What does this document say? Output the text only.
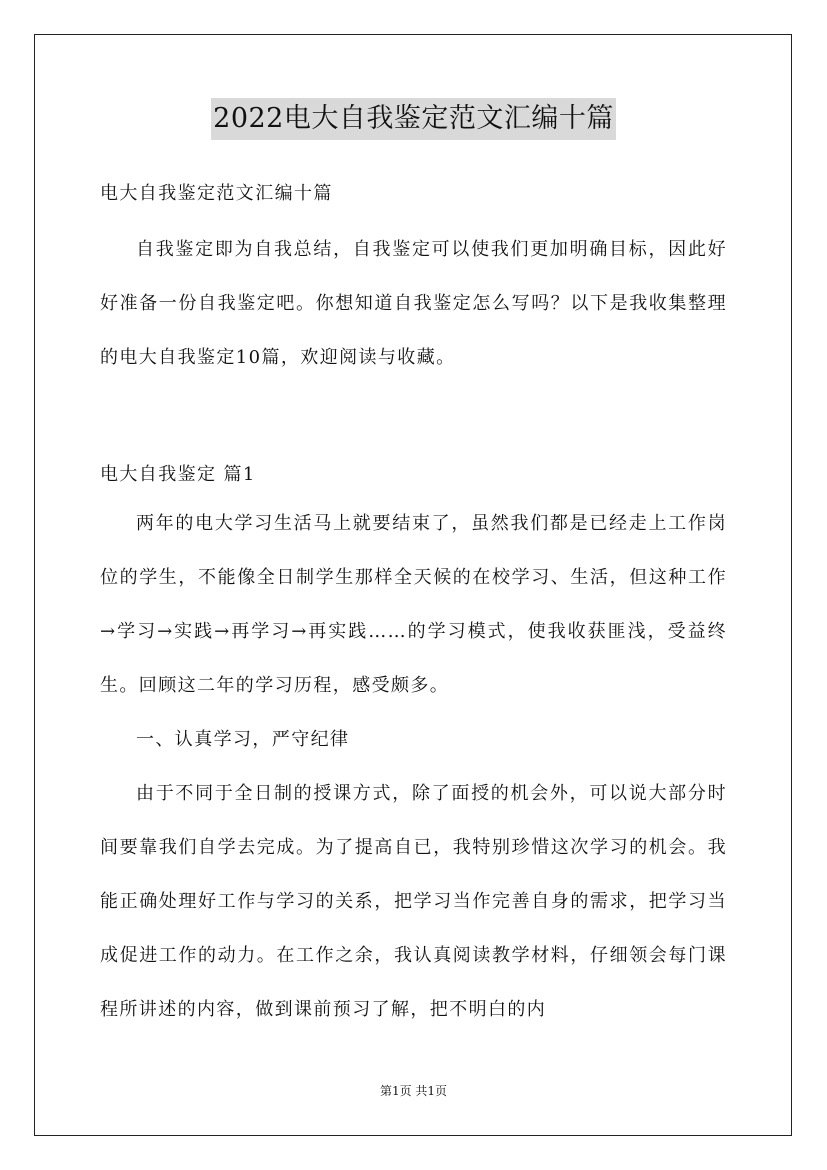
2022电大自我鉴定范文汇编十篇
电大自我鉴定范文汇编十篇

自我鉴定即为自我总结，自我鉴定可以使我们更加明确目标，因此好好准备一份自我鉴定吧。你想知道自我鉴定怎么写吗？以下是我收集整理的电大自我鉴定10篇，欢迎阅读与收藏。

电大自我鉴定 篇1

两年的电大学习生活马上就要结束了，虽然我们都是已经走上工作岗位的学生，不能像全日制学生那样全天候的在校学习、生活，但这种工作→学习→实践→再学习→再实践……的学习模式，使我收获匪浅，受益终生。回顾这二年的学习历程，感受颇多。

一、认真学习，严守纪律

由于不同于全日制的授课方式，除了面授的机会外，可以说大部分时间要靠我们自学去完成。为了提高自已，我特别珍惜这次学习的机会。我能正确处理好工作与学习的关系，把学习当作完善自身的需求，把学习当成促进工作的动力。在工作之余，我认真阅读教学材料，仔细领会每门课程所讲述的内容，做到课前预习了解，把不明白的内

第1页 共1页
